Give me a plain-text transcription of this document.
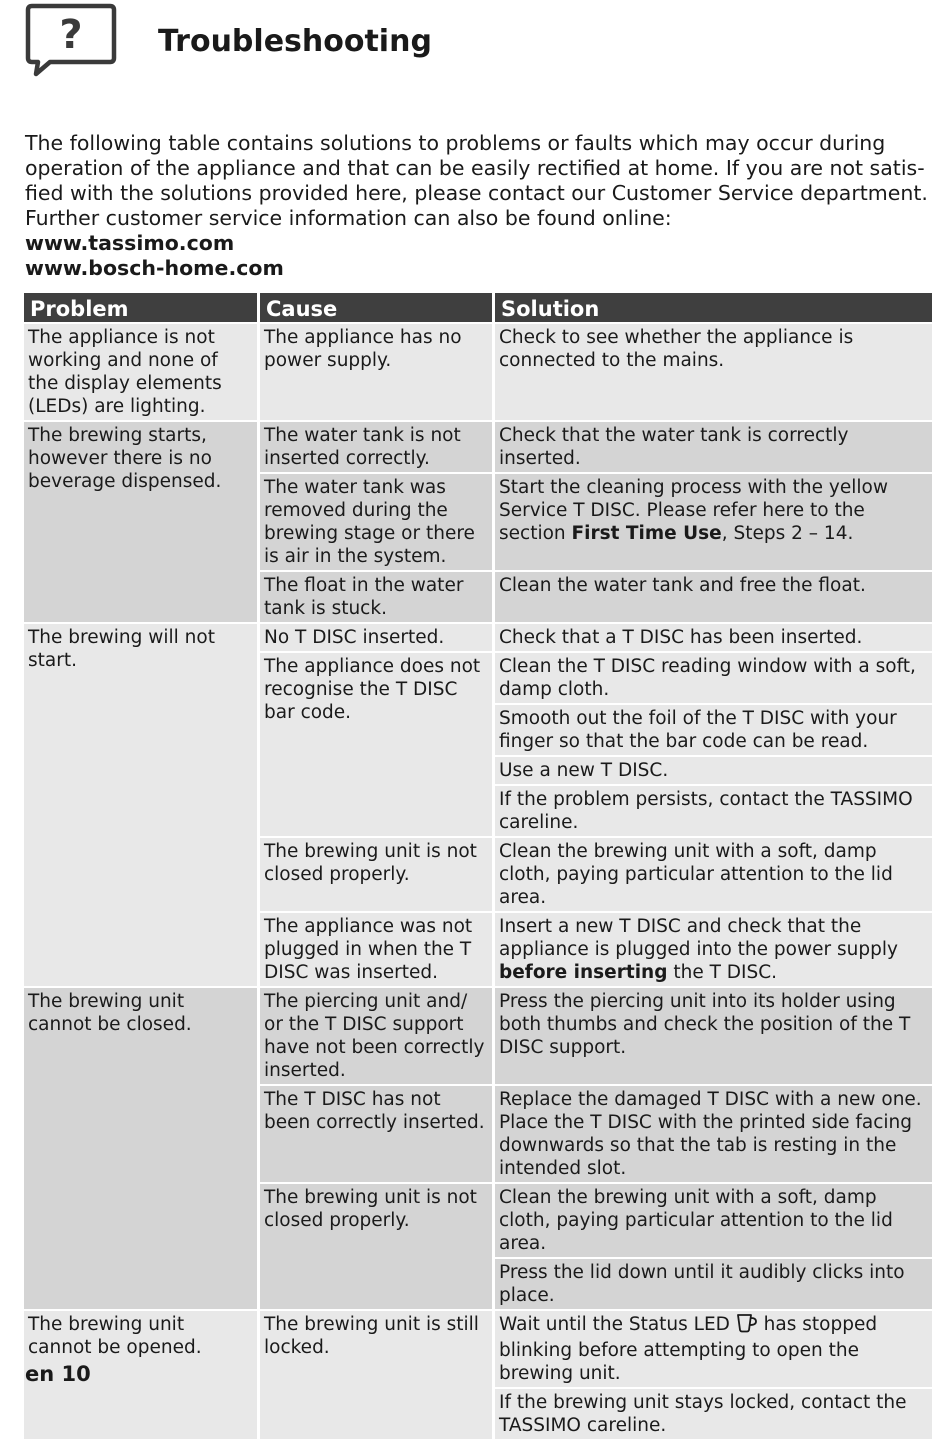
?	Troubleshooting
The following table contains solutions to problems or faults which may occur during operation of the appliance and that can be easily rectified at home. If you are not satis-fied with the solutions provided here, please contact our Customer Service department. Further customer service information can also be found online:
www.tassimo.com
www.bosch-home.com
Problem	Cause	Solution
The appliance is not working and none of the display elements (LEDs) are lighting.	The appliance has no power supply.	Check to see whether the appliance is connected to the mains.
The brewing starts, however there is no beverage dispensed.	The water tank is not inserted correctly.	Check that the water tank is correctly inserted.
	The water tank was removed during the brewing stage or there is air in the system.	Start the cleaning process with the yellow Service T DISC. Please refer here to the section First Time Use, Steps 2 – 14.
	The float in the water tank is stuck.	Clean the water tank and free the float.
The brewing will not start.	No T DISC inserted.	Check that a T DISC has been inserted.
	The appliance does not recognise the T DISC bar code.	Clean the T DISC reading window with a soft, damp cloth.
		Smooth out the foil of the T DISC with your finger so that the bar code can be read.
		Use a new T DISC.
		If the problem persists, contact the TASSIMO careline.
	The brewing unit is not closed properly.	Clean the brewing unit with a soft, damp cloth, paying particular attention to the lid area.
	The appliance was not plugged in when the T DISC was inserted.	Insert a new T DISC and check that the appliance is plugged into the power supply before inserting the T DISC.
The brewing unit cannot be closed.	The piercing unit and/ or the T DISC support have not been correctly inserted.	Press the piercing unit into its holder using both thumbs and check the position of the T DISC support.
	The T DISC has not been correctly inserted.	Replace the damaged T DISC with a new one. Place the T DISC with the printed side facing downwards so that the tab is resting in the intended slot.
	The brewing unit is not closed properly.	Clean the brewing unit with a soft, damp cloth, paying particular attention to the lid area.
		Press the lid down until it audibly clicks into place.
The brewing unit cannot be opened.	The brewing unit is still locked.	Wait until the Status LED  has stopped blinking before attempting to open the brewing unit.
		If the brewing unit stays locked, contact the TASSIMO careline.

en 10
